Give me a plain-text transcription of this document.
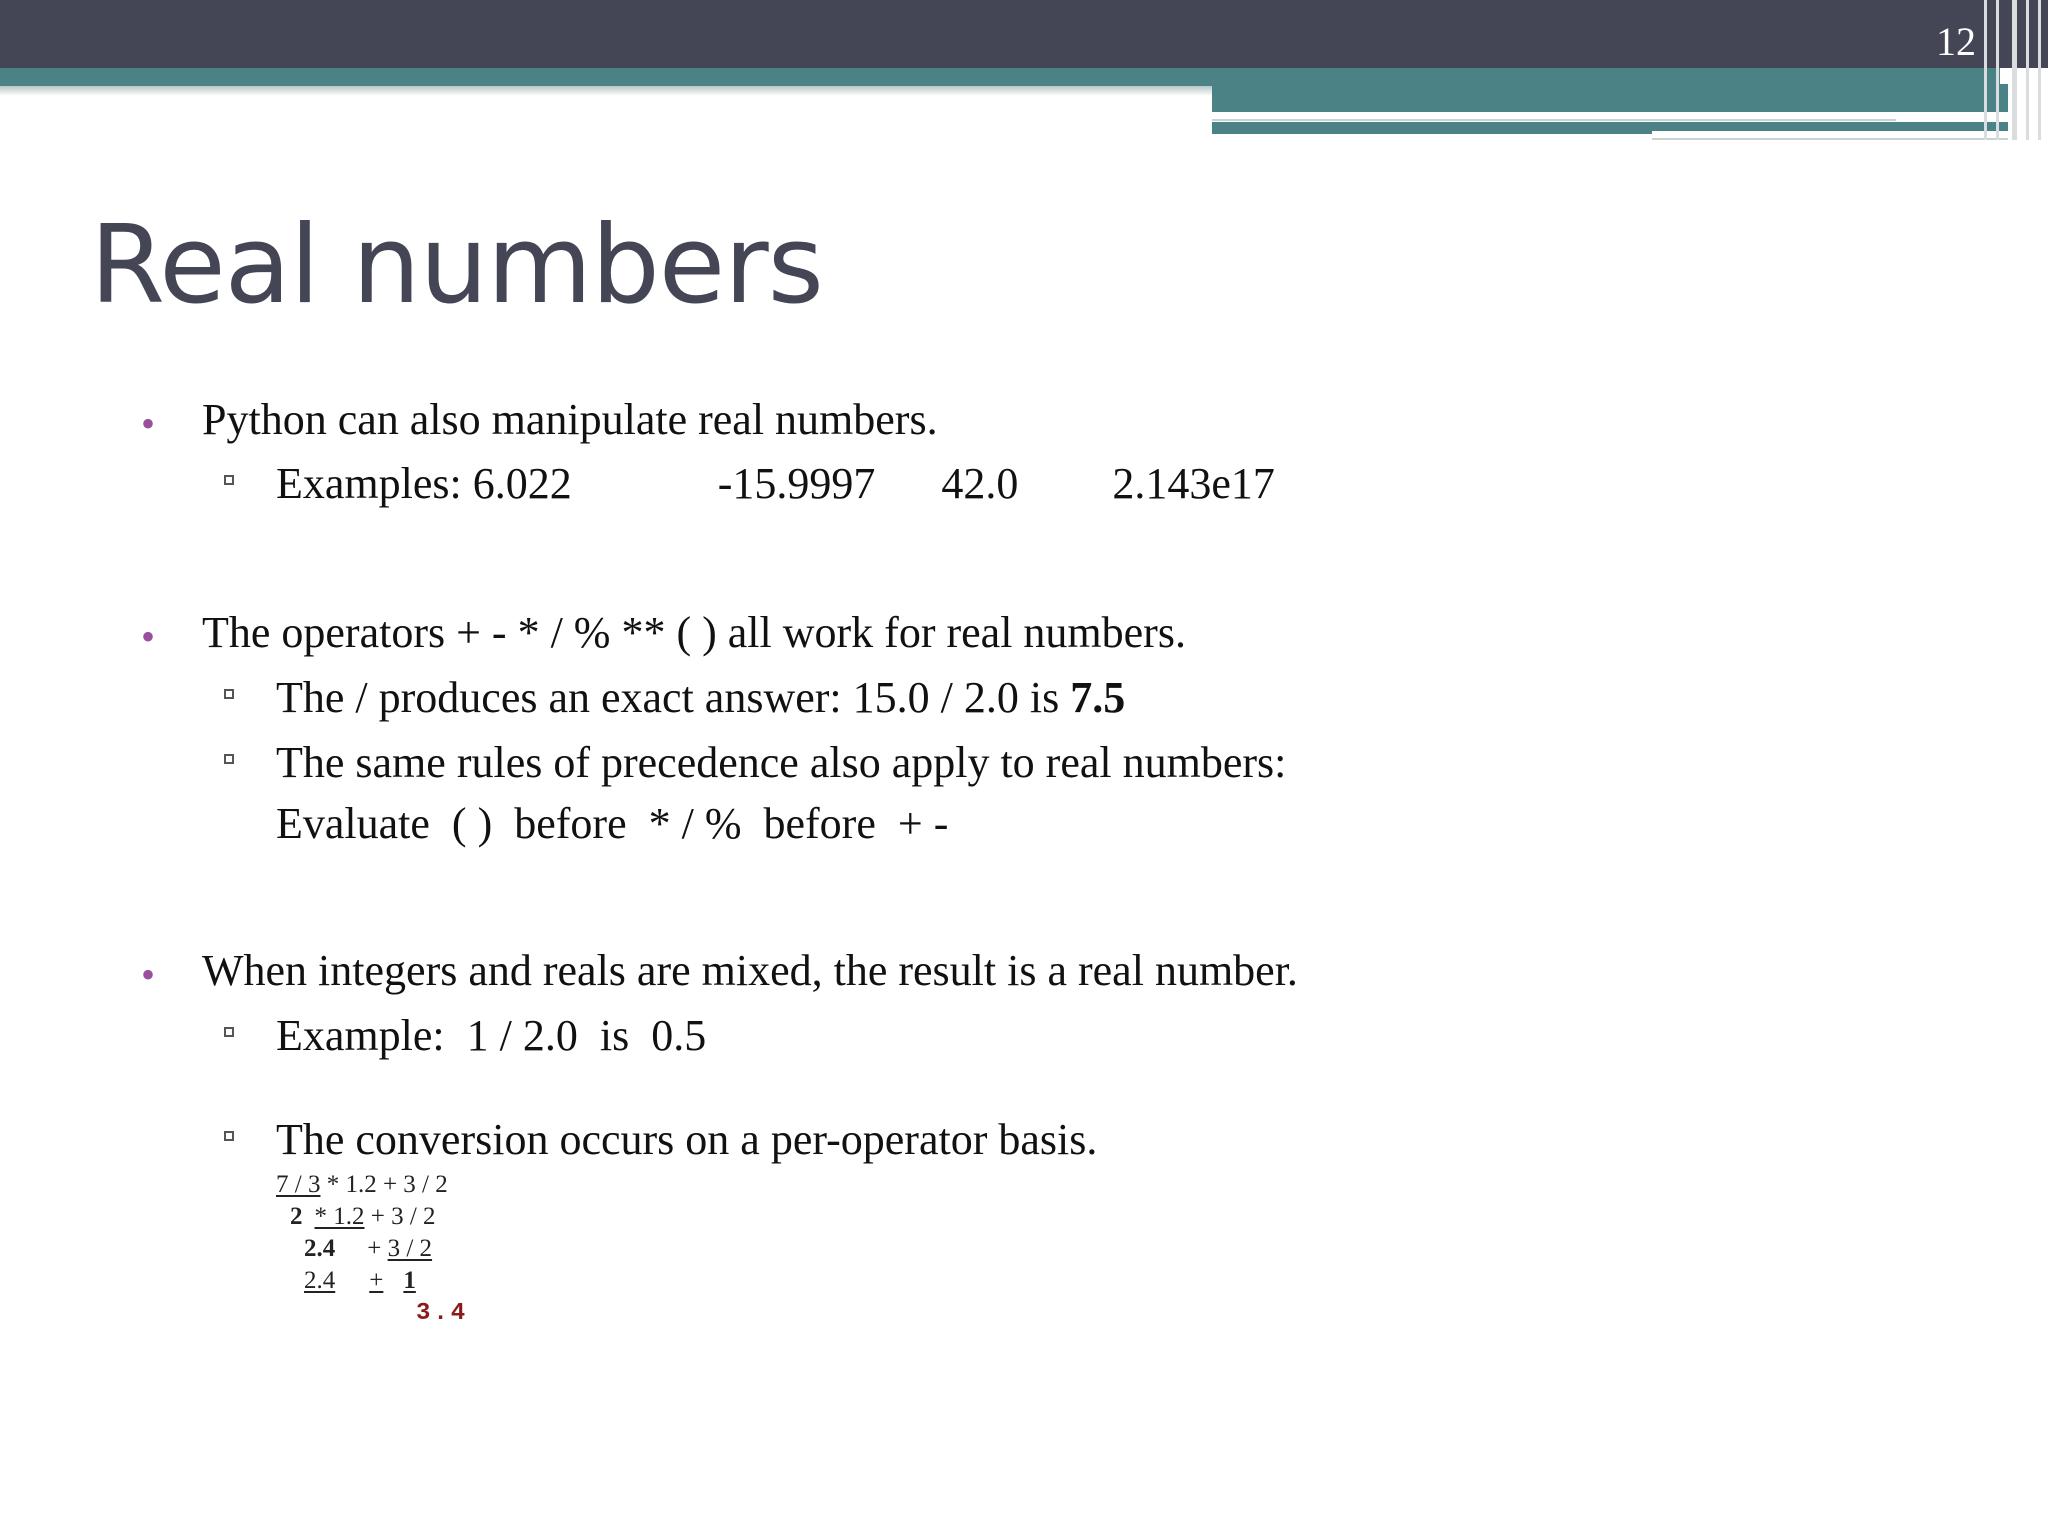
12
Real numbers
• Python can also manipulate real numbers.
Examples: 6.022	-15.9997 42.0 2.143e17
• The operators + - * / % ** ( ) all work for real numbers.
The / produces an exact answer: 15.0 / 2.0 is 7.5
The same rules of precedence also apply to real numbers:
Evaluate ( ) before * / % before + -
• When integers and reals are mixed, the result is a real number.
Example: 1 / 2.0 is 0.5
The conversion occurs on a per-operator basis.
7 / 3 * 1.2 + 3 / 2
2 * 1.2 + 3 / 2
2.4 + 3 / 2
2.4 + 1
3.4
